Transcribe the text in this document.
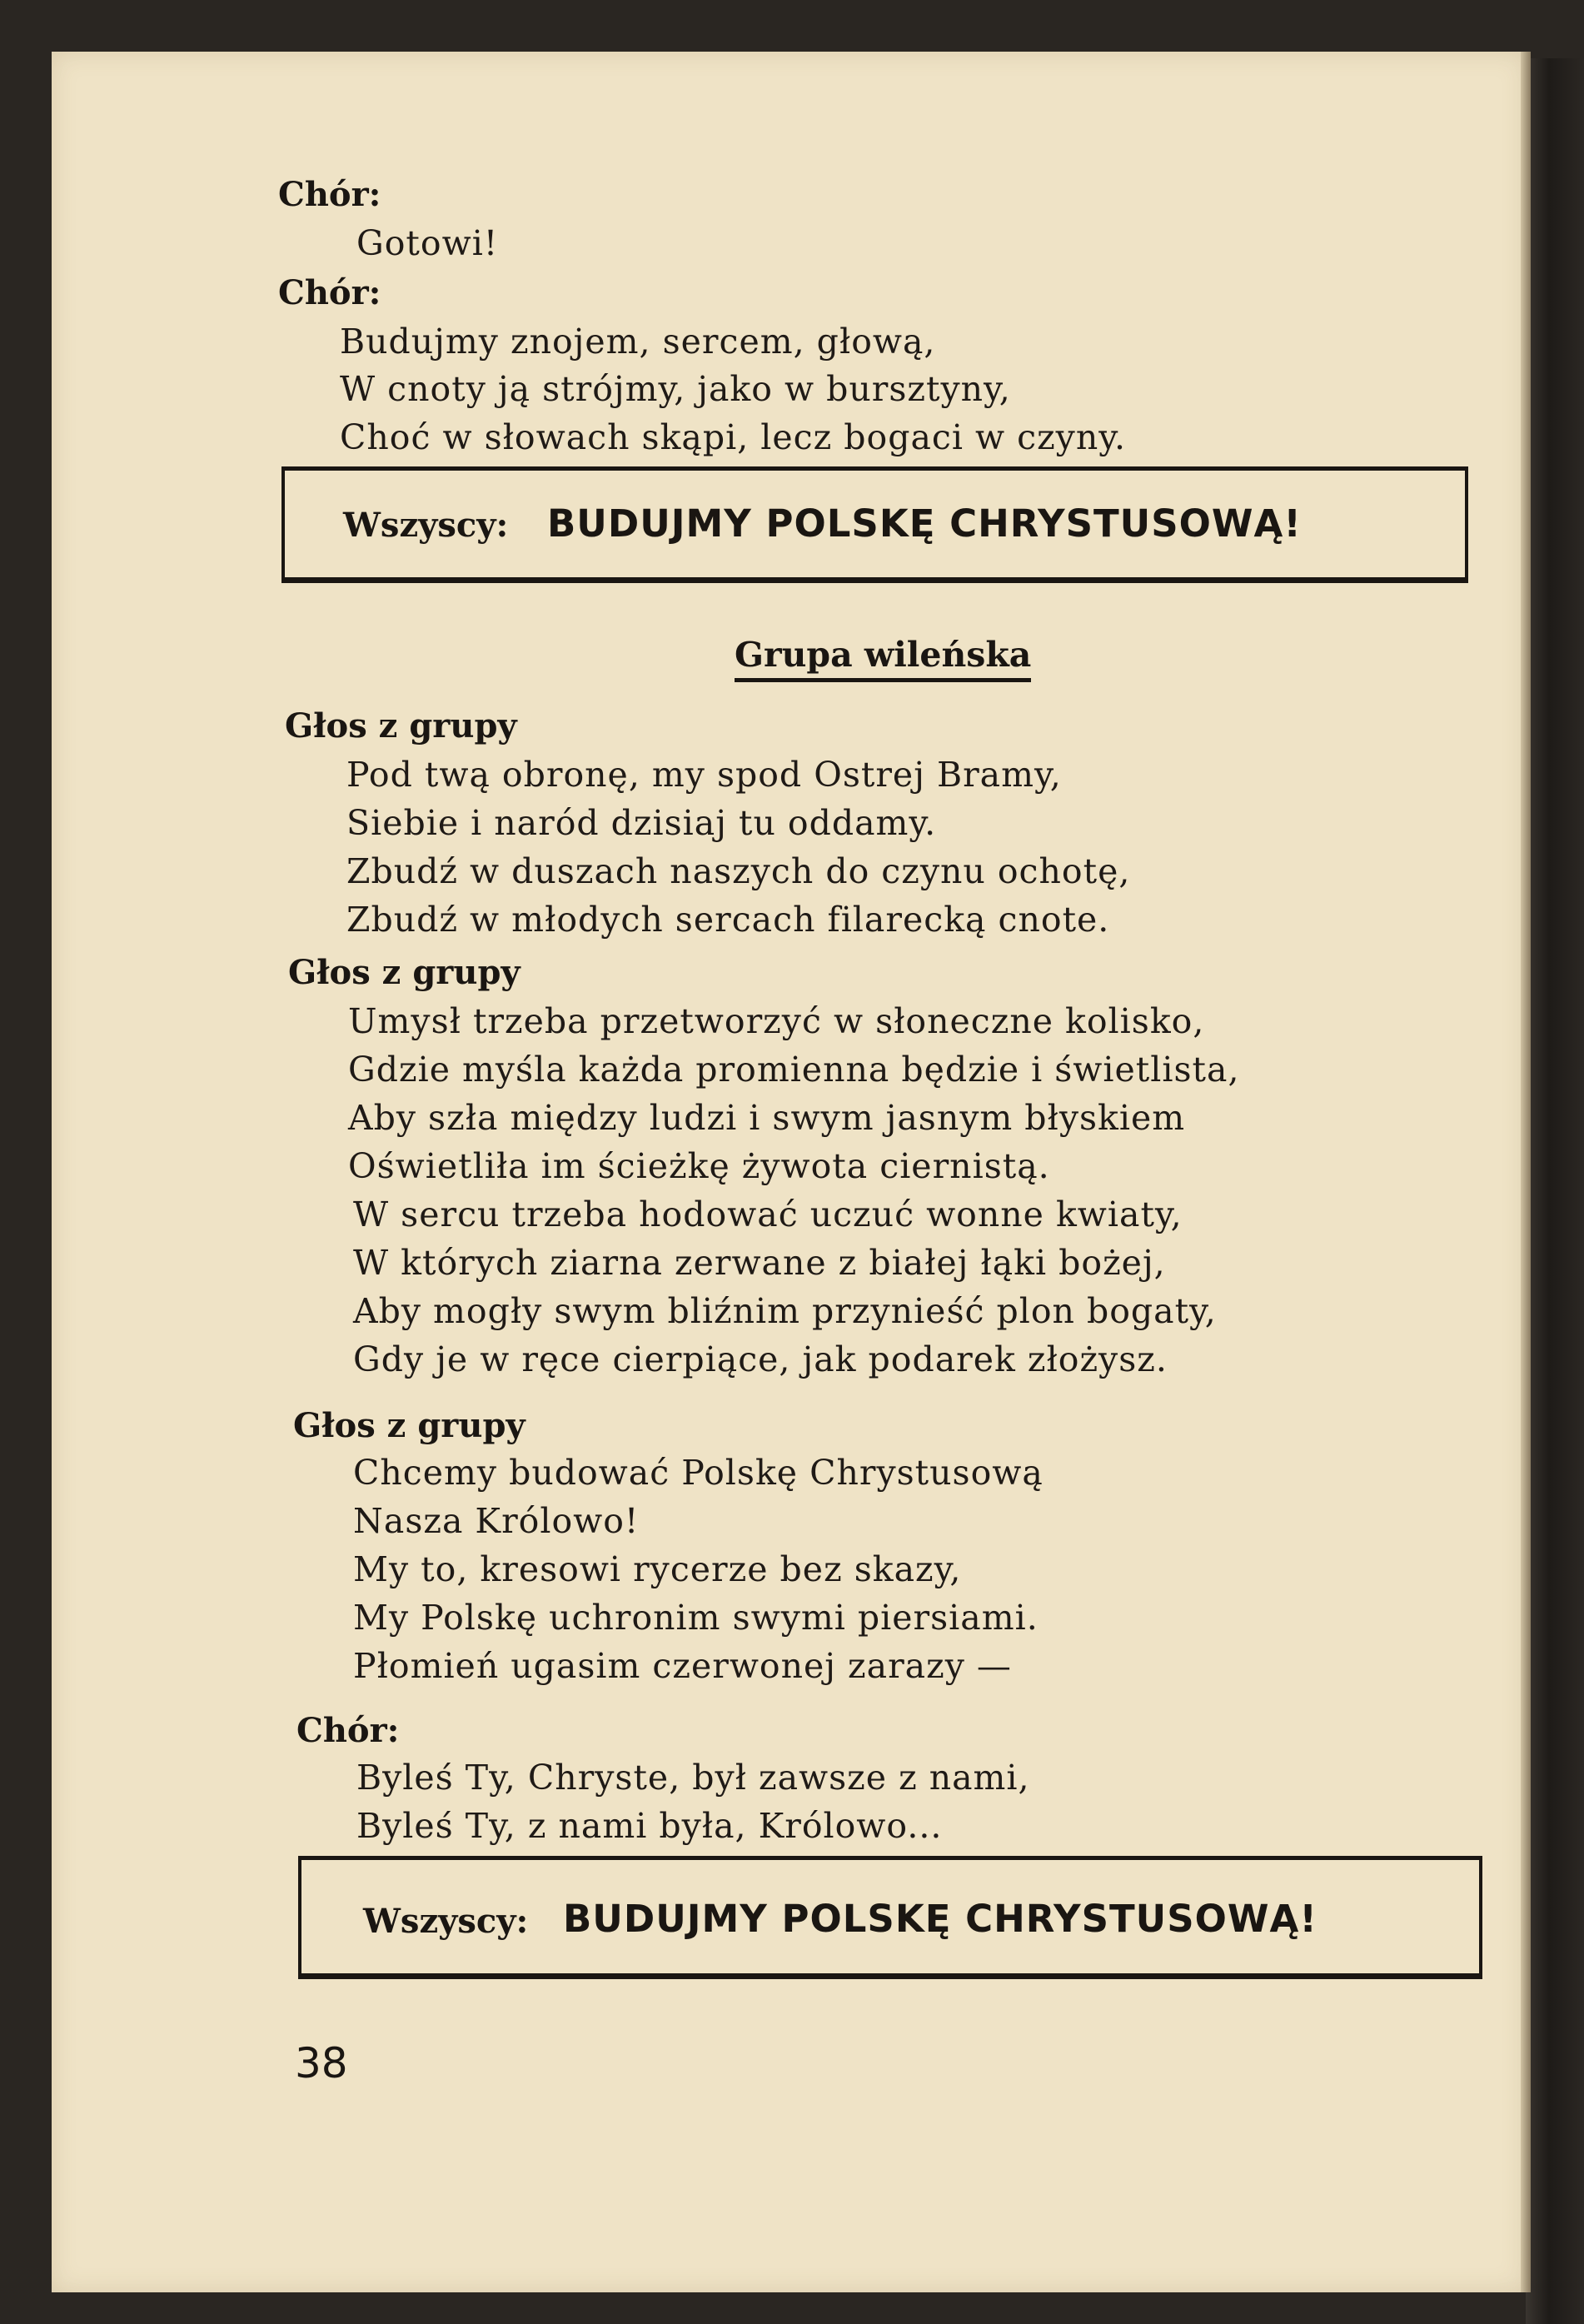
Chór:
Gotowi!
Chór:
Budujmy znojem, sercem, głową,
W cnoty ją strójmy, jako w bursztyny,
Choć w słowach skąpi, lecz bogaci w czyny.
Wszyscy: BUDUJMY POLSKĘ CHRYSTUSOWĄ!
Grupa wileńska
Głos z grupy
Pod twą obronę, my spod Ostrej Bramy,
Siebie i naród dzisiaj tu oddamy.
Zbudź w duszach naszych do czynu ochotę,
Zbudź w młodych sercach filarecką cnote.
Głos z grupy
Umysł trzeba przetworzyć w słoneczne kolisko,
Gdzie myśla każda promienna będzie i świetlista,
Aby szła między ludzi i swym jasnym błyskiem
Oświetliła im ścieżkę żywota ciernistą.
W sercu trzeba hodować uczuć wonne kwiaty,
W których ziarna zerwane z białej łąki bożej,
Aby mogły swym bliźnim przynieść plon bogaty,
Gdy je w ręce cierpiące, jak podarek złożysz.
Głos z grupy
Chcemy budować Polskę Chrystusową
Nasza Królowo!
My to, kresowi rycerze bez skazy,
My Polskę uchronim swymi piersiami.
Płomień ugasim czerwonej zarazy —
Chór:
Byleś Ty, Chryste, był zawsze z nami,
Byleś Ty, z nami była, Królowo...
Wszyscy: BUDUJMY POLSKĘ CHRYSTUSOWĄ!
38
